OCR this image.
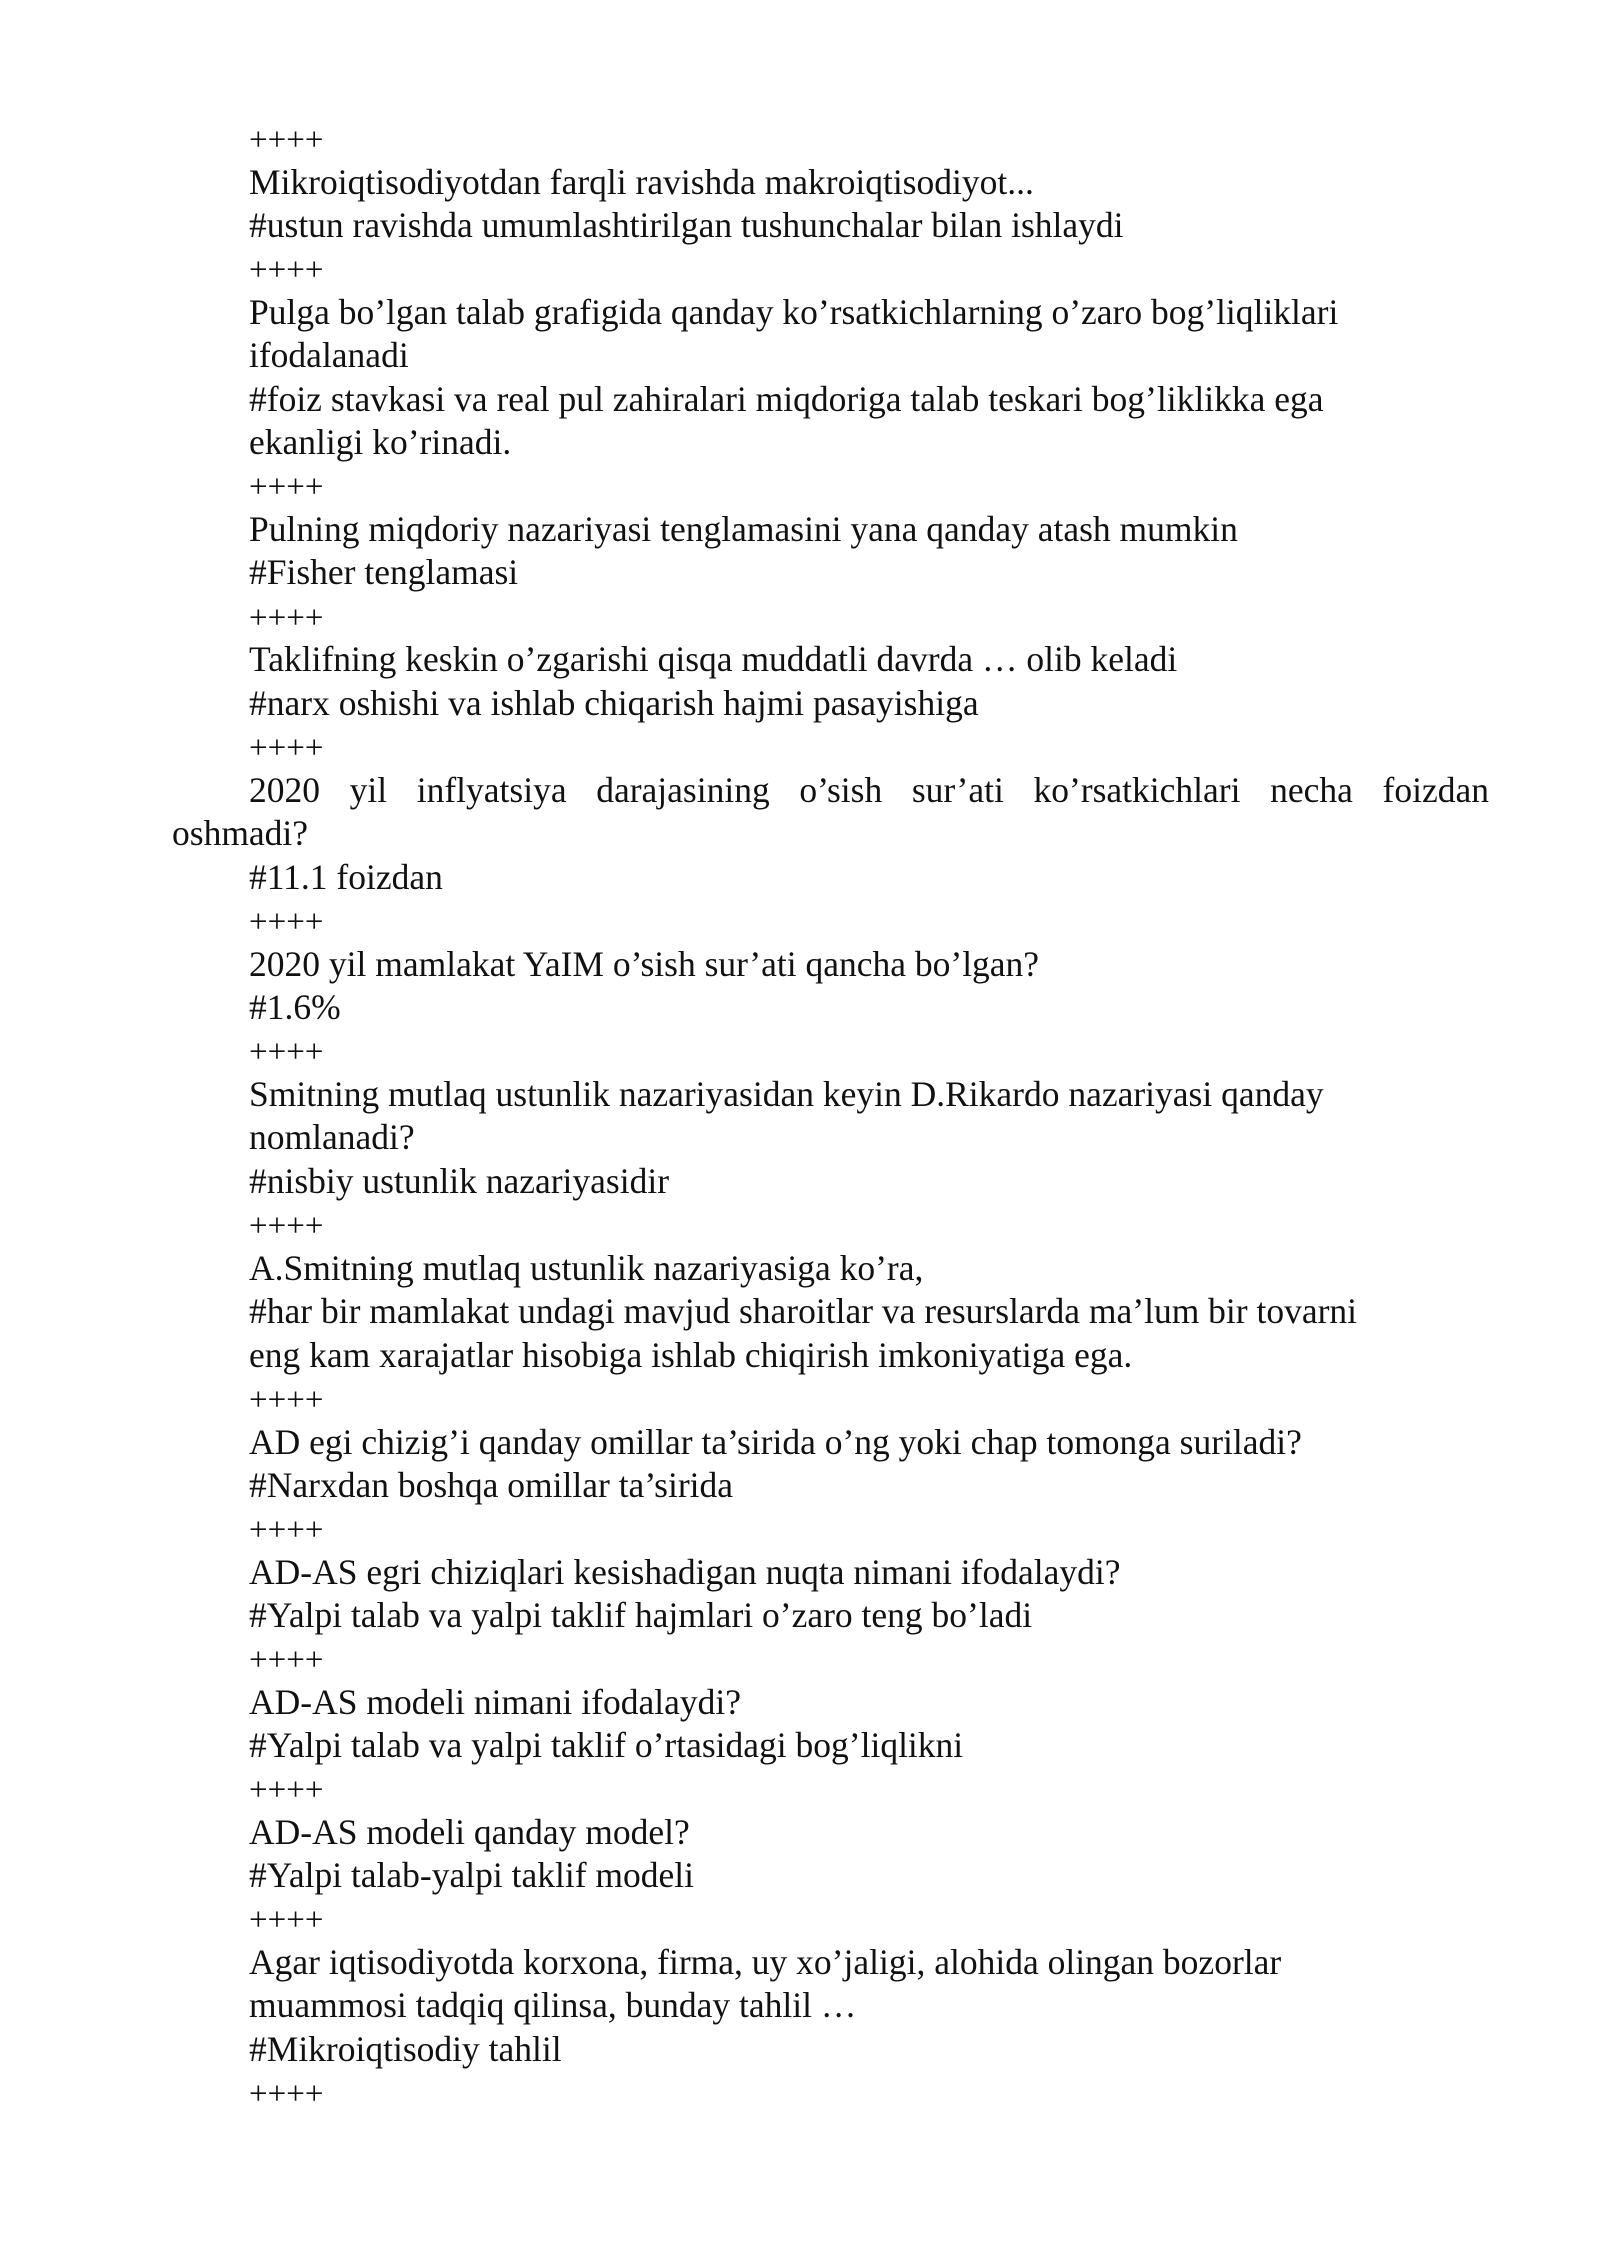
++++
Mikroiqtisodiyotdan farqli ravishda makroiqtisodiyot...
#ustun ravishda umumlashtirilgan tushunchalar bilan ishlaydi
++++
Pulga bo’lgan talab grafigida qanday ko’rsatkichlarning o’zaro bog’liqliklari
ifodalanadi
#foiz stavkasi va real pul zahiralari miqdoriga talab teskari bog’liklikka ega
ekanligi ko’rinadi.
++++
Pulning miqdoriy nazariyasi tenglamasini yana qanday atash mumkin
#Fisher tenglamasi
++++
Taklifning keskin o’zgarishi qisqa muddatli davrda … olib keladi
#narx oshishi va ishlab chiqarish hajmi pasayishiga
++++
2020 yil inflyatsiya darajasining o’sish sur’ati ko’rsatkichlari necha foizdan
oshmadi?
#11.1 foizdan
++++
2020 yil mamlakat YaIM o’sish sur’ati qancha bo’lgan?
#1.6%
++++
Smitning mutlaq ustunlik nazariyasidan keyin D.Rikardo nazariyasi qanday
nomlanadi?
#nisbiy ustunlik nazariyasidir
++++
A.Smitning mutlaq ustunlik nazariyasiga ko’ra,
#har bir mamlakat undagi mavjud sharoitlar va resurslarda ma’lum bir tovarni
eng kam xarajatlar hisobiga ishlab chiqirish imkoniyatiga ega.
++++
AD egi chizig’i qanday omillar ta’sirida o’ng yoki chap tomonga suriladi?
#Narxdan boshqa omillar ta’sirida
++++
AD-AS egri chiziqlari kesishadigan nuqta nimani ifodalaydi?
#Yalpi talab va yalpi taklif hajmlari o’zaro teng bo’ladi
++++
AD-AS modeli nimani ifodalaydi?
#Yalpi talab va yalpi taklif o’rtasidagi bog’liqlikni
++++
AD-AS modeli qanday model?
#Yalpi talab-yalpi taklif modeli
++++
Agar iqtisodiyotda korxona, firma, uy xo’jaligi, alohida olingan bozorlar
muammosi tadqiq qilinsa, bunday tahlil …
#Mikroiqtisodiy tahlil
++++
